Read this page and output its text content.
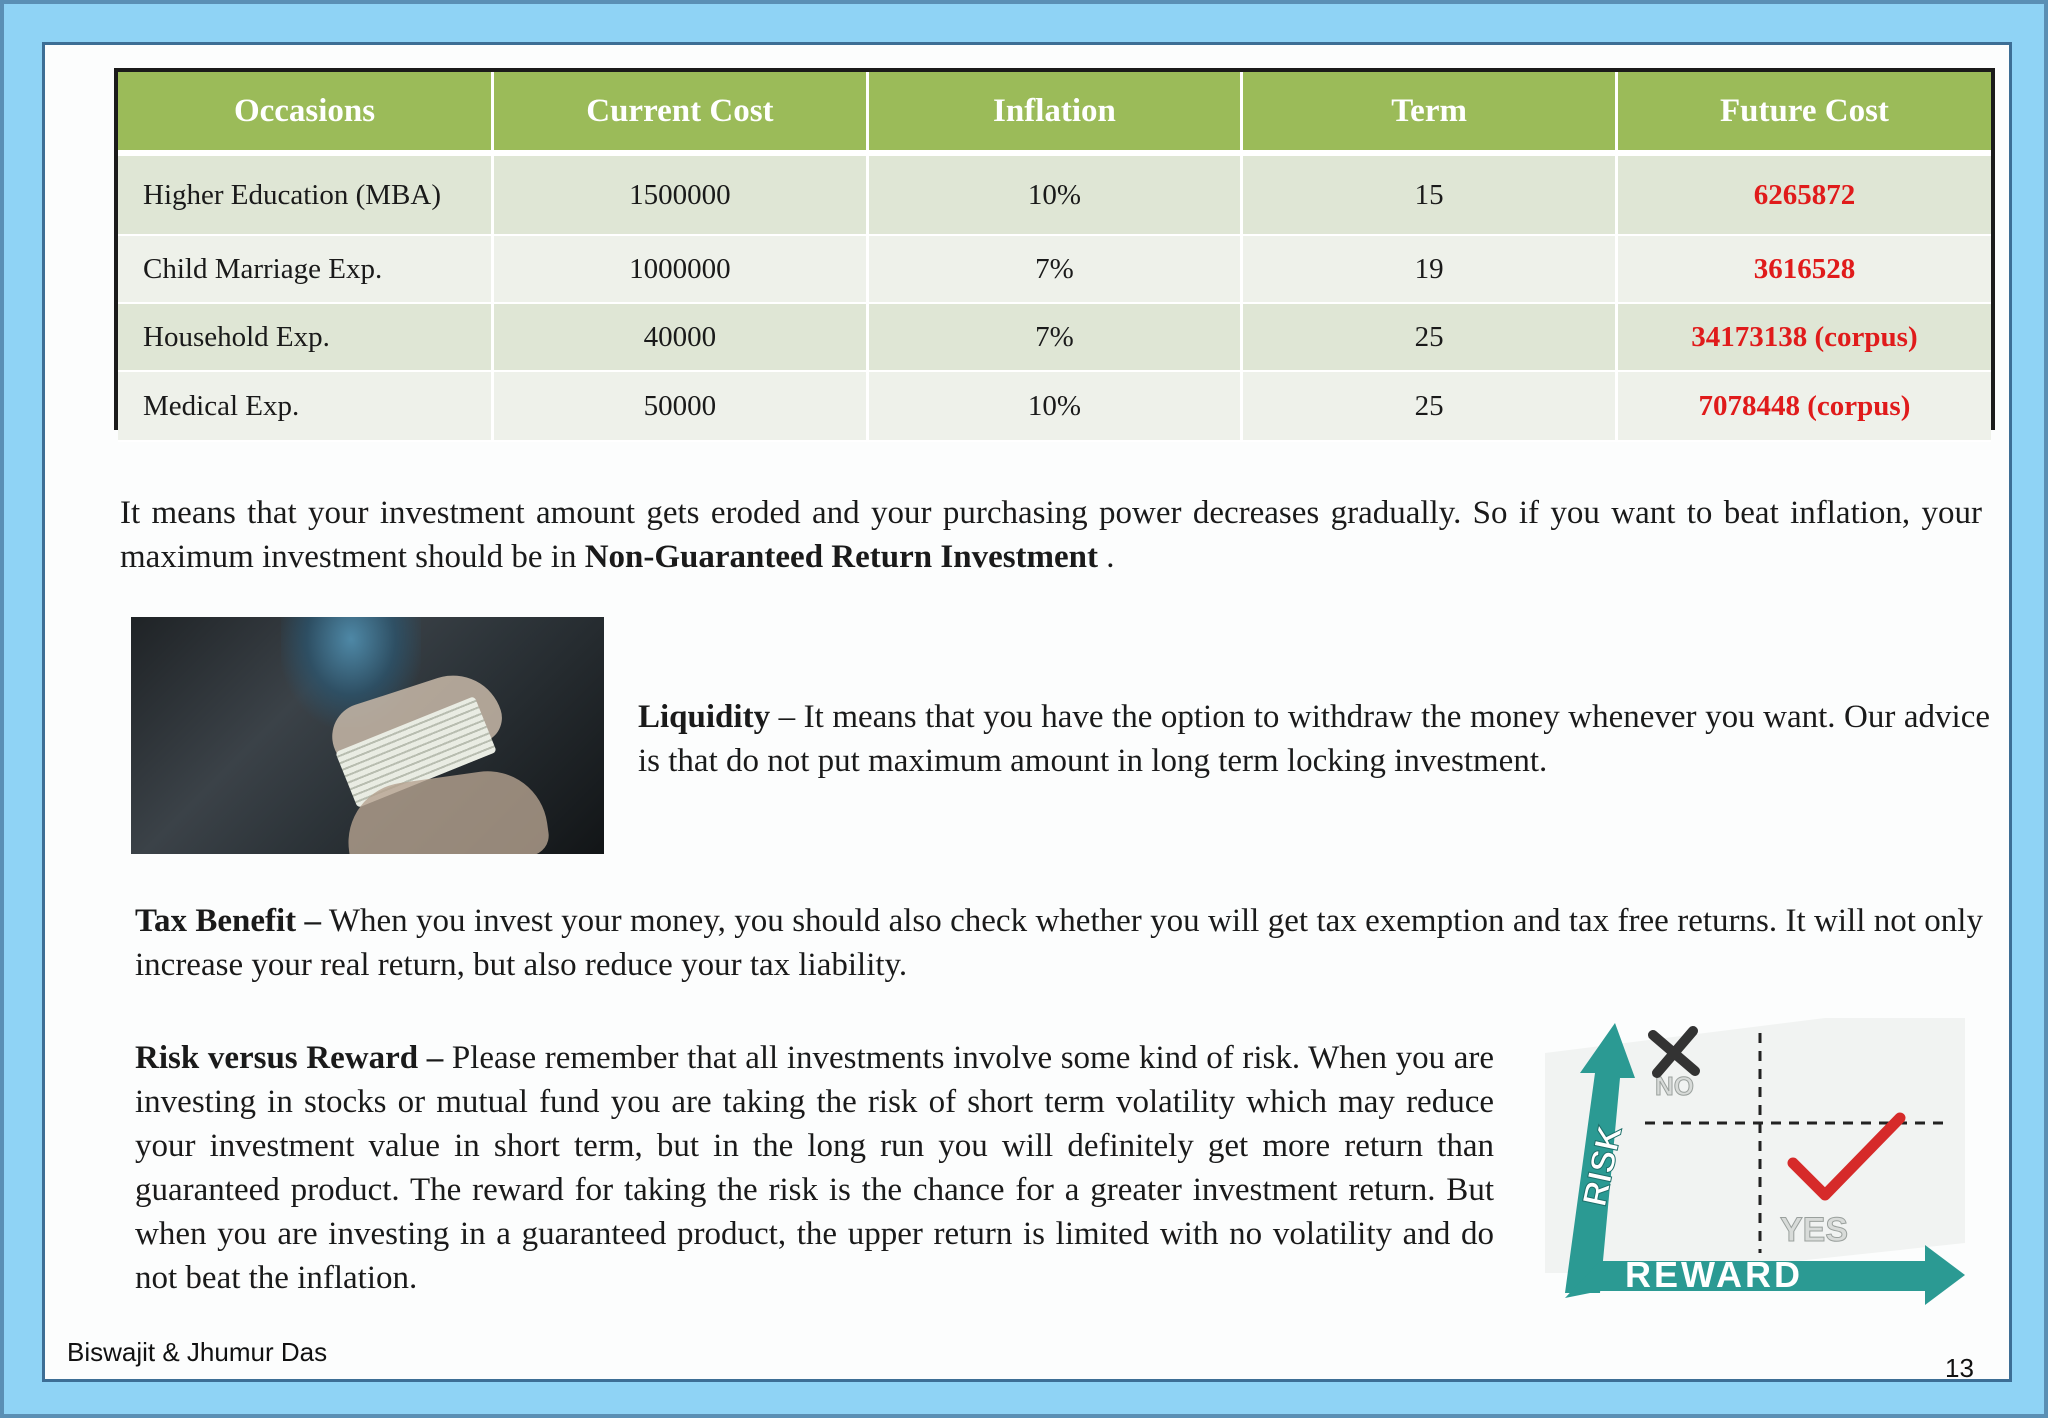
Occasions	Current Cost	Inflation	Term	Future Cost
Higher Education (MBA)	1500000	10%	15	6265872
Child Marriage Exp.	1000000	7%	19	3616528
Household Exp.	40000	7%	25	34173138 (corpus)
Medical Exp.	50000	10%	25	7078448 (corpus)
It means that your investment amount gets eroded and your purchasing power decreases gradually. So if you want to beat inflation, your maximum investment should be in Non-Guaranteed Return Investment .
Liquidity – It means that you have the option to withdraw the money whenever you want. Our advice is that do not put maximum amount in long term locking investment.
Tax Benefit – When you invest your money, you should also check whether you will get tax exemption and tax free returns. It will not only increase your real return, but also reduce your tax liability.
Risk versus Reward – Please remember that all investments involve some kind of risk. When you are investing in stocks or mutual fund you are taking the risk of short term volatility which may reduce your investment value in short term, but in the long run you will definitely get more return than guaranteed product. The reward for taking the risk is the chance for a greater investment return. But when you are investing in a guaranteed product, the upper return is limited with no volatility and do not beat the inflation.
RISK
REWARD
NO
YES
Biswajit & Jhumur Das
13
